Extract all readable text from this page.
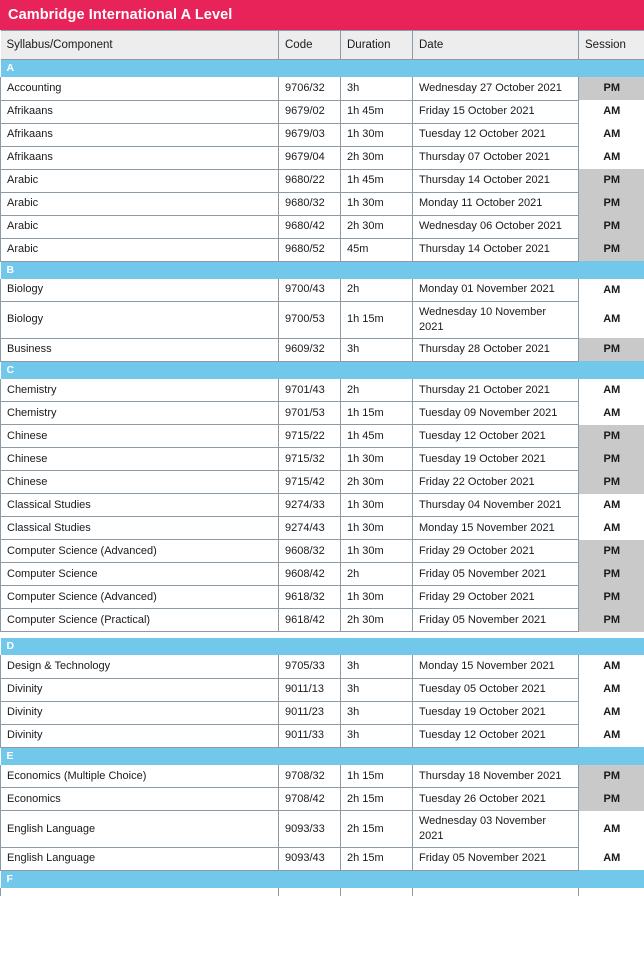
Cambridge International A Level
Syllabus/Component	Code	Duration	Date	Session
A				
Accounting	9706/32	3h	Wednesday 27 October 2021	PM
Afrikaans	9679/02	1h 45m	Friday 15 October 2021	AM
Afrikaans	9679/03	1h 30m	Tuesday 12 October 2021	AM
Afrikaans	9679/04	2h 30m	Thursday 07 October 2021	AM
Arabic	9680/22	1h 45m	Thursday 14 October 2021	PM
Arabic	9680/32	1h 30m	Monday 11 October 2021	PM
Arabic	9680/42	2h 30m	Wednesday 06 October 2021	PM
Arabic	9680/52	45m	Thursday 14 October 2021	PM
B				
Biology	9700/43	2h	Monday 01 November 2021	AM
Biology	9700/53	1h 15m	Wednesday 10 November 2021	AM
Business	9609/32	3h	Thursday 28 October 2021	PM
C				
Chemistry	9701/43	2h	Thursday 21 October 2021	AM
Chemistry	9701/53	1h 15m	Tuesday 09 November 2021	AM
Chinese	9715/22	1h 45m	Tuesday 12 October 2021	PM
Chinese	9715/32	1h 30m	Tuesday 19 October 2021	PM
Chinese	9715/42	2h 30m	Friday 22 October 2021	PM
Classical Studies	9274/33	1h 30m	Thursday 04 November 2021	AM
Classical Studies	9274/43	1h 30m	Monday 15 November 2021	AM
Computer Science (Advanced)	9608/32	1h 30m	Friday 29 October 2021	PM
Computer Science	9608/42	2h	Friday 05 November 2021	PM
Computer Science (Advanced)	9618/32	1h 30m	Friday 29 October 2021	PM
Computer Science (Practical)	9618/42	2h 30m	Friday 05 November 2021	PM

D				
Design & Technology	9705/33	3h	Monday 15 November 2021	AM
Divinity	9011/13	3h	Tuesday 05 October 2021	AM
Divinity	9011/23	3h	Tuesday 19 October 2021	AM
Divinity	9011/33	3h	Tuesday 12 October 2021	AM
E				
Economics (Multiple Choice)	9708/32	1h 15m	Thursday 18 November 2021	PM
Economics	9708/42	2h 15m	Tuesday 26 October 2021	PM
English Language	9093/33	2h 15m	Wednesday 03 November 2021	AM
English Language	9093/43	2h 15m	Friday 05 November 2021	AM
F				
